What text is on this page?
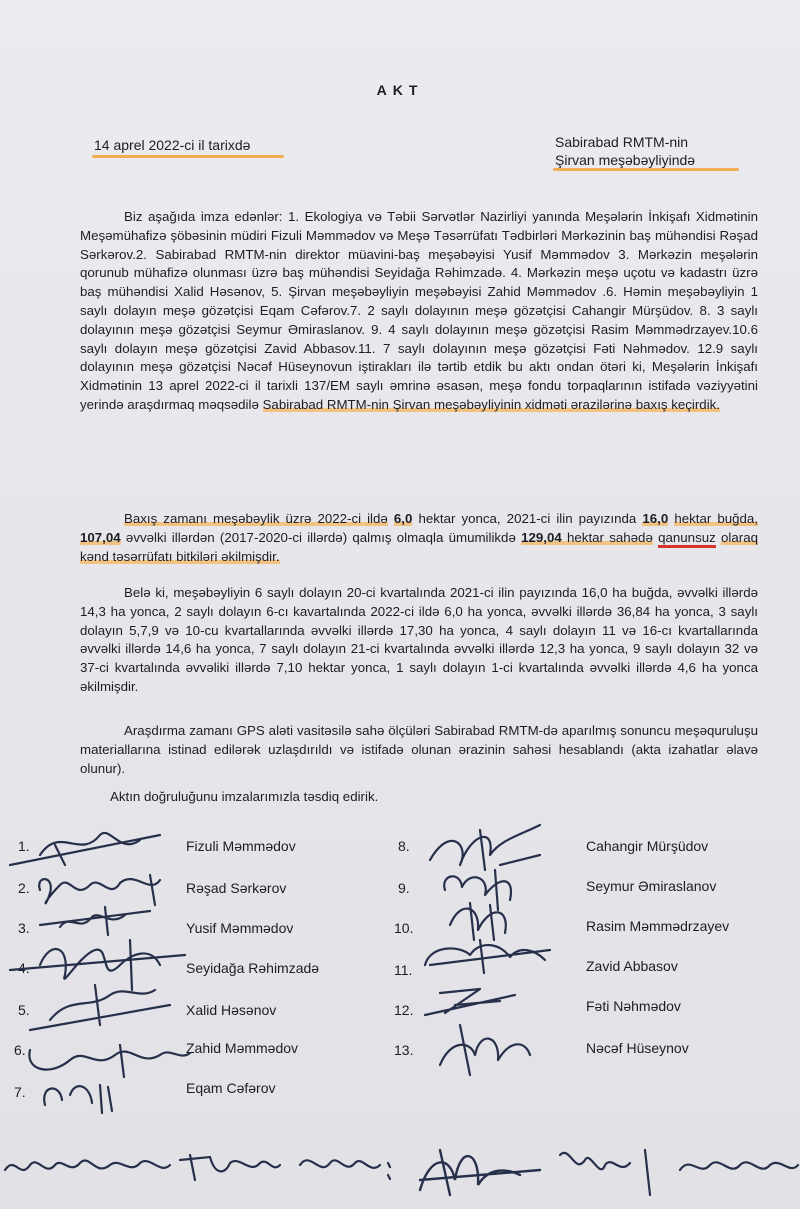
AKT
14 aprel 2022-ci il tarixdə	Sabirabad RMTM-nin
Şirvan meşəbəyliyində
Biz aşağıda imza edənlər: 1. Ekologiya və Təbii Sərvətlər Nazirliyi yanında Meşələrin İnkişafı Xidmətinin Meşəmühafizə şöbəsinin müdiri Fizuli Məmmədov və Meşə Təsərrüfatı Tədbirləri Mərkəzinin baş mühəndisi Rəşad Sərkərov.2. Sabirabad RMTM-nin direktor müavini-baş meşəbəyisi Yusif Məmmədov 3. Mərkəzin meşələrin qorunub mühafizə olunması üzrə baş mühəndisi Seyidağa Rəhimzadə. 4. Mərkəzin meşə uçotu və kadastrı üzrə baş mühəndisi Xalid Həsənov, 5. Şirvan meşəbəyliyin meşəbəyisi Zahid Məmmədov .6. Həmin meşəbəyliyin 1 saylı dolayın meşə gözətçisi Eqam Cəfərov.7. 2 saylı dolayının meşə gözətçisi Cahangir Mürşüdov. 8. 3 saylı dolayının meşə gözətçisi Seymur Əmiraslanov. 9. 4 saylı dolayının meşə gözətçisi Rasim Məmmədrzayev.10.6 saylı dolayın meşə gözətçisi Zavid Abbasov.11. 7 saylı dolayının meşə gözətçisi Fəti Nəhmədov. 12.9 saylı dolayının meşə gözətçisi Nəcəf Hüseynovun iştirakları ilə tərtib etdik bu aktı ondan ötəri ki, Meşələrin İnkişafı Xidmətinin 13 aprel 2022-ci il tarixli 137/EM saylı əmrinə əsasən, meşə fondu torpaqlarının istifadə vəziyyətini yerində araşdırmaq məqsədilə Sabirabad RMTM-nin Şirvan meşəbəyliyinin xidməti ərazilərinə baxış keçirdik.
Baxış zamanı meşəbəylik üzrə 2022-ci ildə 6,0 hektar yonca, 2021-ci ilin payızında 16,0 hektar buğda, 107,04 əvvəlki illərdən (2017-2020-ci illərdə) qalmış olmaqla ümumilikdə 129,04 hektar sahədə qanunsuz olaraq kənd təsərrüfatı bitkiləri əkilmişdir.
Belə ki, meşəbəyliyin 6 saylı dolayın 20-ci kvartalında 2021-ci ilin payızında 16,0 ha buğda, əvvəlki illərdə 14,3 ha yonca, 2 saylı dolayın 6-cı kavartalında 2022-ci ildə 6,0 ha yonca, əvvəlki illərdə 36,84 ha yonca, 3 saylı dolayın 5,7,9 və 10-cu kvartallarında əvvəlki illərdə 17,30 ha yonca, 4 saylı dolayın 11 və 16-cı kvartallarında əvvəlki illərdə 14,6 ha yonca, 7 saylı dolayın 21-ci kvartalında əvvəlki illərdə 12,3 ha yonca, 9 saylı dolayın 32 və 37-ci kvartalında əvvəliki illərdə 7,10 hektar yonca, 1 saylı dolayın 1-ci kvartalında əvvəlki illərdə 4,6 ha yonca əkilmişdir.
Araşdırma zamanı GPS aləti vasitəsilə sahə ölçüləri Sabirabad RMTM-də aparılmış sonuncu meşəquruluşu materiallarına istinad edilərək uzlaşdırıldı və istifadə olunan ərazinin sahəsi hesablandı (akta izahatlar əlavə olunur).
Aktın doğruluğunu imzalarımızla təsdiq edirik.
1.	Fizuli Məmmədov
2.	Rəşad Sərkərov
3.	Yusif Məmmədov
4.	Seyidağa Rəhimzadə
5.	Xalid Həsənov
6.	Zahid Məmmədov
7.	Eqam Cəfərov
8.	Cahangir Mürşüdov
9.	Seymur Əmiraslanov
10.	Rasim Məmmədrzayev
11.	Zavid Abbasov
12.	Fəti Nəhmədov
13.	Nəcəf Hüseynov
